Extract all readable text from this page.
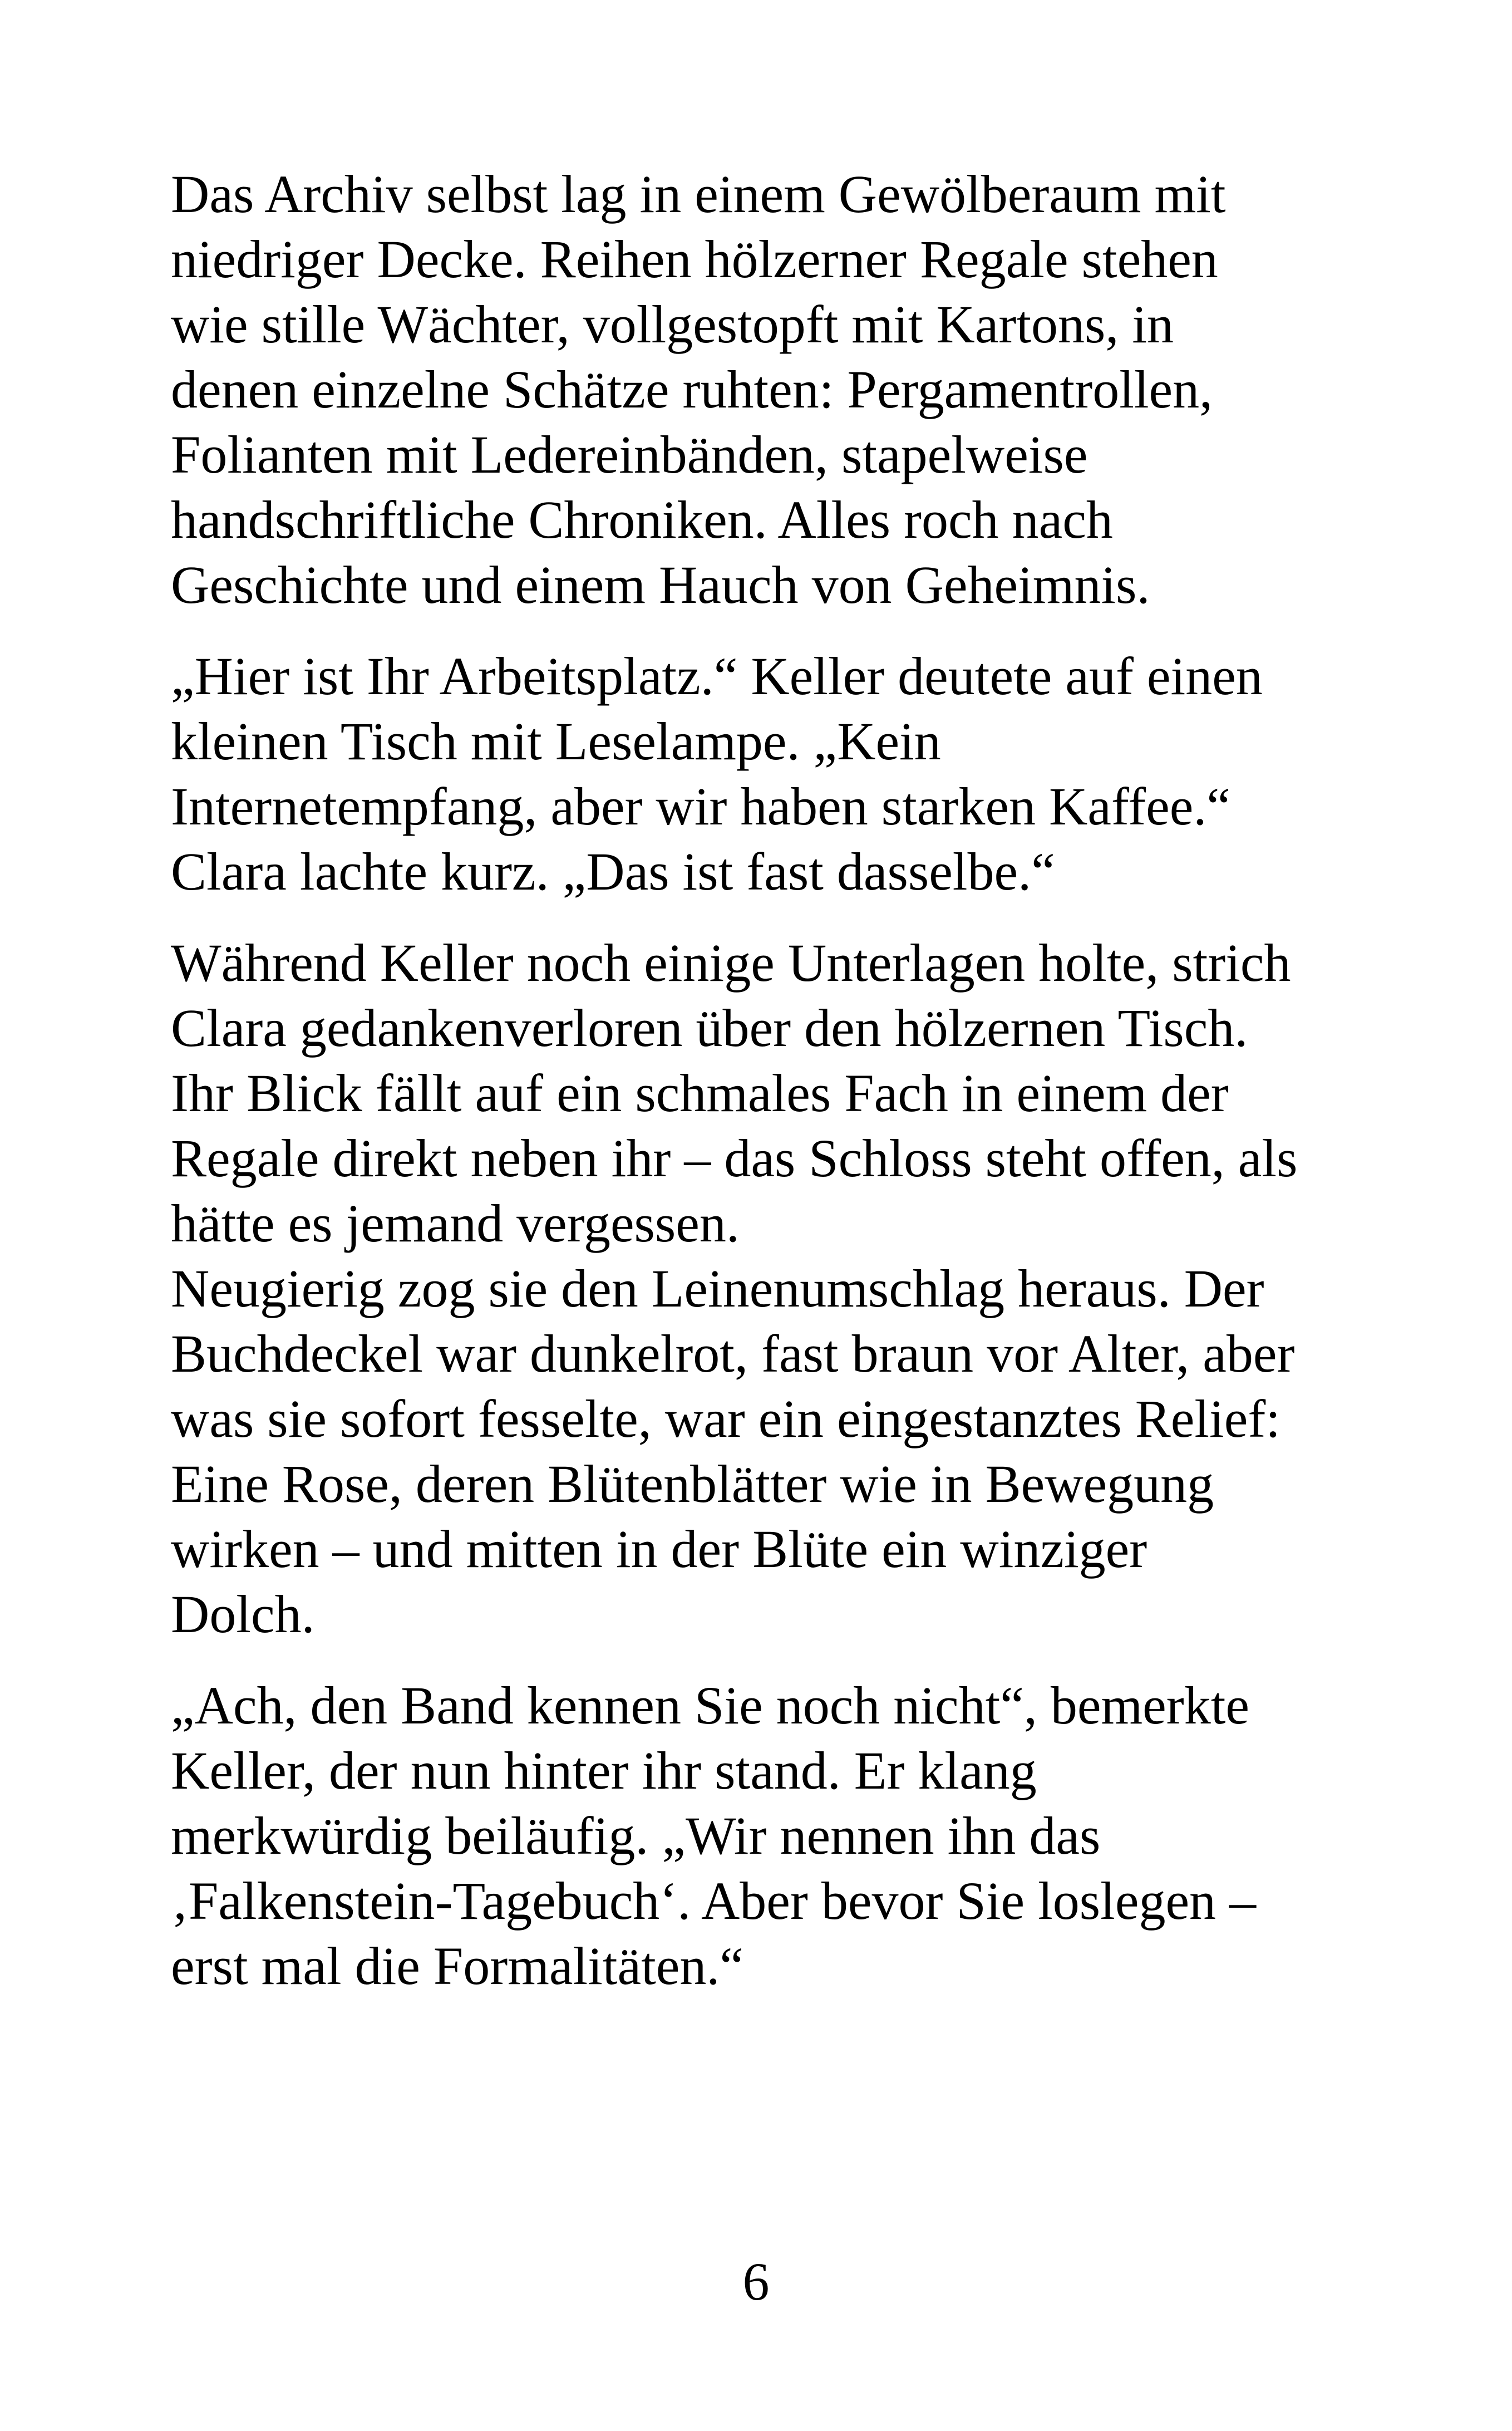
Das Archiv selbst lag in einem Gewölberaum mit
niedriger Decke. Reihen hölzerner Regale stehen
wie stille Wächter, vollgestopft mit Kartons, in
denen einzelne Schätze ruhten: Pergamentrollen,
Folianten mit Ledereinbänden, stapelweise
handschriftliche Chroniken. Alles roch nach
Geschichte und einem Hauch von Geheimnis.

„Hier ist Ihr Arbeitsplatz.“ Keller deutete auf einen
kleinen Tisch mit Leselampe. „Kein
Internetempfang, aber wir haben starken Kaffee.“
Clara lachte kurz. „Das ist fast dasselbe.“

Während Keller noch einige Unterlagen holte, strich
Clara gedankenverloren über den hölzernen Tisch.
Ihr Blick fällt auf ein schmales Fach in einem der
Regale direkt neben ihr – das Schloss steht offen, als
hätte es jemand vergessen.

Neugierig zog sie den Leinenumschlag heraus. Der
Buchdeckel war dunkelrot, fast braun vor Alter, aber
was sie sofort fesselte, war ein eingestanztes Relief:
Eine Rose, deren Blütenblätter wie in Bewegung
wirken – und mitten in der Blüte ein winziger
Dolch.

„Ach, den Band kennen Sie noch nicht“, bemerkte
Keller, der nun hinter ihr stand. Er klang
merkwürdig beiläufig. „Wir nennen ihn das
‚Falkenstein-Tagebuch‘. Aber bevor Sie loslegen –
erst mal die Formalitäten.“

6
